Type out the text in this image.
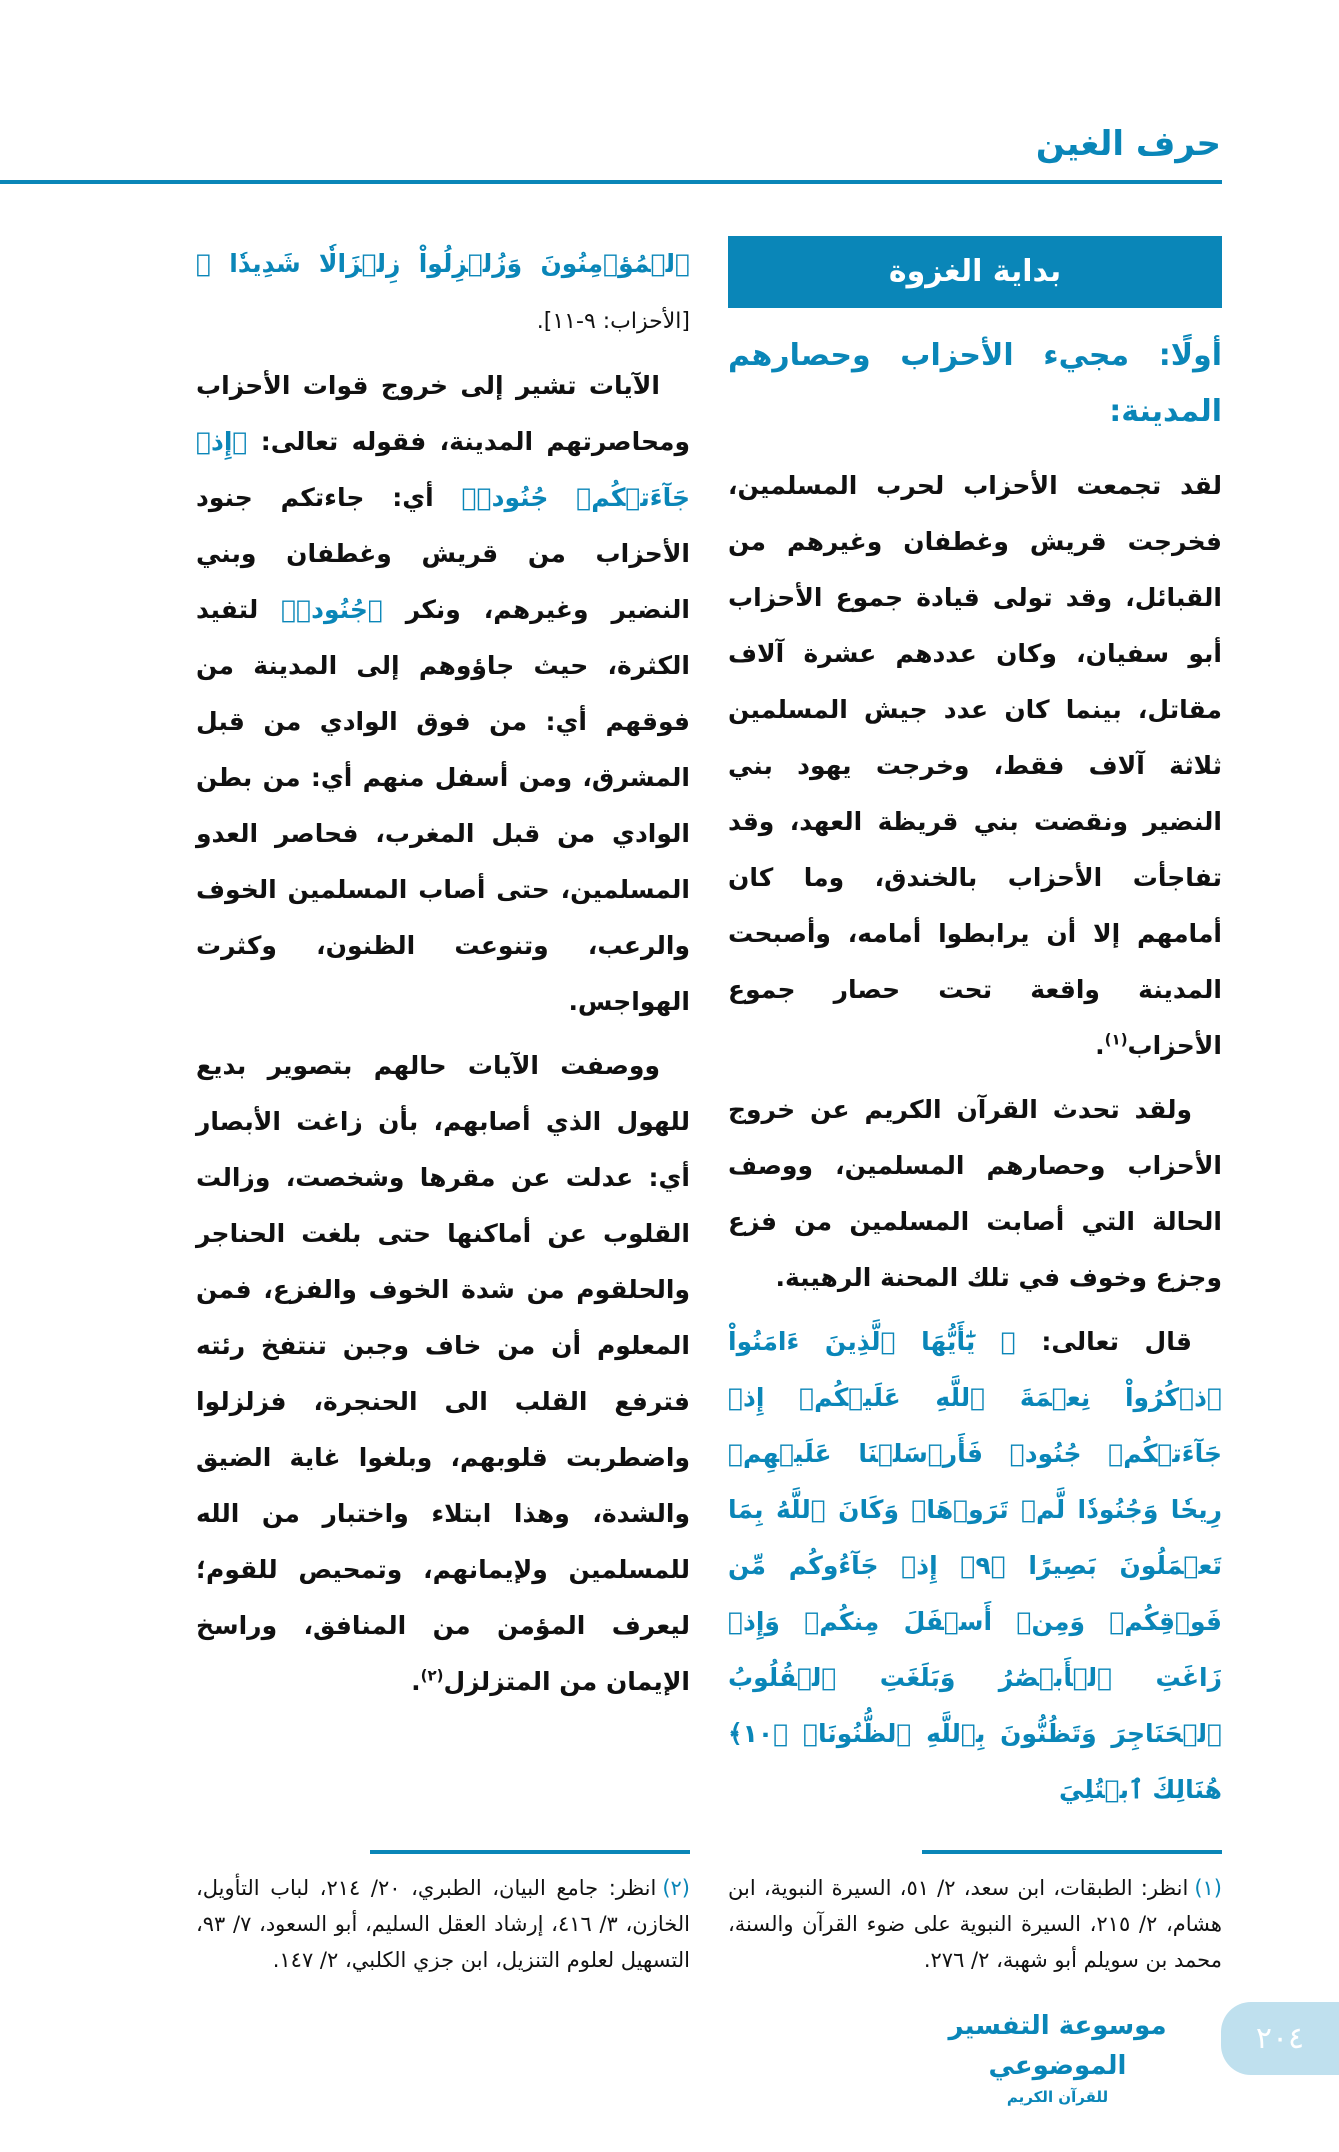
حرف الغين
بداية الغزوة
أولًا: مجيء الأحزاب وحصارهم المدينة:

لقد تجمعت الأحزاب لحرب المسلمين، فخرجت قريش وغطفان وغيرهم من القبائل، وقد تولى قيادة جموع الأحزاب أبو سفيان، وكان عددهم عشرة آلاف مقاتل، بينما كان عدد جيش المسلمين ثلاثة آلاف فقط، وخرجت يهود بني النضير ونقضت بني قريظة العهد، وقد تفاجأت الأحزاب بالخندق، وما كان أمامهم إلا أن يرابطوا أمامه، وأصبحت المدينة واقعة تحت حصار جموع الأحزاب$^{(١)}$.

ولقد تحدث القرآن الكريم عن خروج الأحزاب وحصارهم المسلمين، ووصف الحالة التي أصابت المسلمين من فزع وجزع وخوف في تلك المحنة الرهيبة.

قال تعالى: ﴿ يَٰٓأَيُّهَا ٱلَّذِينَ ءَامَنُواْ ٱذۡكُرُواْ نِعۡمَةَ ٱللَّهِ عَلَيۡكُمۡ إِذۡ جَآءَتۡكُمۡ جُنُودٞ فَأَرۡسَلۡنَا عَلَيۡهِمۡ رِيحٗا وَجُنُودٗا لَّمۡ تَرَوۡهَاۚ وَكَانَ ٱللَّهُ بِمَا تَعۡمَلُونَ بَصِيرًا ﴿٩﴾ إِذۡ جَآءُوكُم مِّن فَوۡقِكُمۡ وَمِنۡ أَسۡفَلَ مِنكُمۡ وَإِذۡ زَاغَتِ ٱلۡأَبۡصَٰرُ وَبَلَغَتِ ٱلۡقُلُوبُ ٱلۡحَنَاجِرَ وَتَظُنُّونَ بِٱللَّهِ ٱلظُّنُونَا۠ ﴿١٠﴾ هُنَالِكَ ٱبۡتُلِيَ

ٱلۡمُؤۡمِنُونَ وَزُلۡزِلُواْ زِلۡزَالٗا شَدِيدٗا ﴾[الأحزاب: ٩-١١].

الآيات تشير إلى خروج قوات الأحزاب ومحاصرتهم المدينة، فقوله تعالى: ﴿إِذۡ جَآءَتۡكُمۡ جُنُودٞ﴾ أي: جاءتكم جنود الأحزاب من قريش وغطفان وبني النضير وغيرهم، ونكر ﴿جُنُودٞ﴾ لتفيد الكثرة، حيث جاؤوهم إلى المدينة من فوقهم أي: من فوق الوادي من قبل المشرق، ومن أسفل منهم أي: من بطن الوادي من قبل المغرب، فحاصر العدو المسلمين، حتى أصاب المسلمين الخوف والرعب، وتنوعت الظنون، وكثرت الهواجس.

ووصفت الآيات حالهم بتصوير بديع للهول الذي أصابهم، بأن زاغت الأبصار أي: عدلت عن مقرها وشخصت، وزالت القلوب عن أماكنها حتى بلغت الحناجر والحلقوم من شدة الخوف والفزع، فمن المعلوم أن من خاف وجبن تنتفخ رئته فترفع القلب الى الحنجرة، فزلزلوا واضطربت قلوبهم، وبلغوا غاية الضيق والشدة، وهذا ابتلاء واختبار من الله للمسلمين ولإيمانهم، وتمحيص للقوم؛ ليعرف المؤمن من المنافق، وراسخ الإيمان من المتزلزل$^{(٢)}$.

(١)انظر: الطبقات، ابن سعد، ٢/ ٥١، السيرة النبوية، ابن هشام، ٢/ ٢١٥، السيرة النبوية على ضوء القرآن والسنة، محمد بن سويلم أبو شهبة، ٢/ ٢٧٦.
(٢)انظر: جامع البيان، الطبري، ٢٠/ ٢١٤، لباب التأويل، الخازن، ٣/ ٤١٦، إرشاد العقل السليم، أبو السعود، ٧/ ٩٣، التسهيل لعلوم التنزيل، ابن جزي الكلبي، ٢/ ١٤٧.
موسوعة التفسير الموضوعي
للقرآن الكريم
٢٠٤
